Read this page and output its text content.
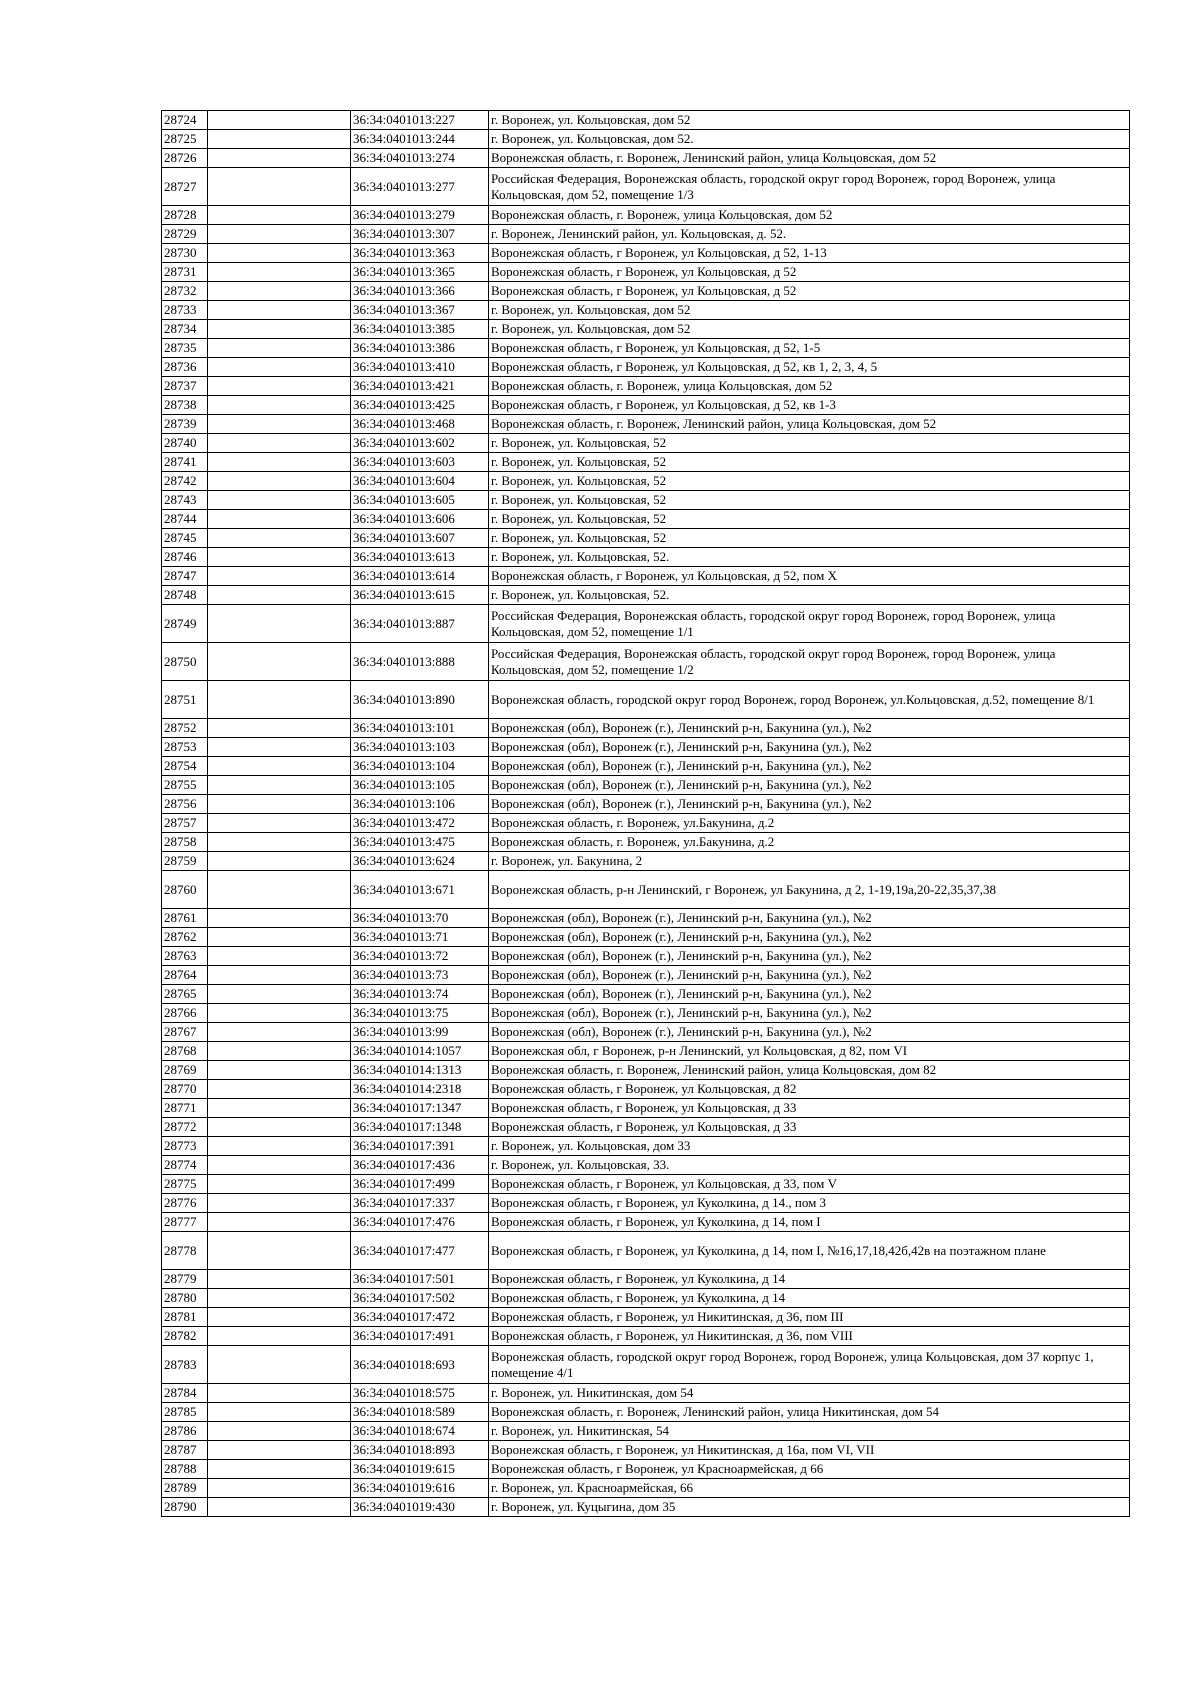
28724		36:34:0401013:227	г. Воронеж, ул. Кольцовская, дом 52
28725		36:34:0401013:244	г. Воронеж, ул. Кольцовская, дом 52.
28726		36:34:0401013:274	Воронежская область, г. Воронеж, Ленинский район, улица Кольцовская, дом 52
28727		36:34:0401013:277	Российская Федерация, Воронежская область, городской округ город Воронеж, город Воронеж, улица Кольцовская, дом 52, помещение 1/3
28728		36:34:0401013:279	Воронежская область, г. Воронеж, улица Кольцовская, дом 52
28729		36:34:0401013:307	г. Воронеж, Ленинский район, ул. Кольцовская, д. 52.
28730		36:34:0401013:363	Воронежская область, г Воронеж, ул Кольцовская, д 52, 1-13
28731		36:34:0401013:365	Воронежская область, г Воронеж, ул Кольцовская, д 52
28732		36:34:0401013:366	Воронежская область, г Воронеж, ул Кольцовская, д 52
28733		36:34:0401013:367	г. Воронеж, ул. Кольцовская, дом 52
28734		36:34:0401013:385	г. Воронеж, ул. Кольцовская, дом 52
28735		36:34:0401013:386	Воронежская область, г Воронеж, ул Кольцовская, д 52, 1-5
28736		36:34:0401013:410	Воронежская область, г Воронеж, ул Кольцовская, д 52, кв 1, 2, 3, 4, 5
28737		36:34:0401013:421	Воронежская область, г. Воронеж, улица Кольцовская, дом 52
28738		36:34:0401013:425	Воронежская область, г Воронеж, ул Кольцовская, д 52, кв 1-3
28739		36:34:0401013:468	Воронежская область, г. Воронеж, Ленинский район, улица Кольцовская, дом 52
28740		36:34:0401013:602	г. Воронеж, ул. Кольцовская, 52
28741		36:34:0401013:603	г. Воронеж, ул. Кольцовская, 52
28742		36:34:0401013:604	г. Воронеж, ул. Кольцовская, 52
28743		36:34:0401013:605	г. Воронеж, ул. Кольцовская, 52
28744		36:34:0401013:606	г. Воронеж, ул. Кольцовская, 52
28745		36:34:0401013:607	г. Воронеж, ул. Кольцовская, 52
28746		36:34:0401013:613	г. Воронеж, ул. Кольцовская, 52.
28747		36:34:0401013:614	Воронежская область, г Воронеж, ул Кольцовская, д 52, пом X
28748		36:34:0401013:615	г. Воронеж, ул. Кольцовская, 52.
28749		36:34:0401013:887	Российская Федерация, Воронежская область, городской округ город Воронеж, город Воронеж, улица Кольцовская, дом 52, помещение 1/1
28750		36:34:0401013:888	Российская Федерация, Воронежская область, городской округ город Воронеж, город Воронеж, улица Кольцовская, дом 52, помещение 1/2
28751		36:34:0401013:890	Воронежская область, городской округ город Воронеж, город Воронеж, ул.Кольцовская, д.52, помещение 8/1
28752		36:34:0401013:101	Воронежская (обл), Воронеж (г.), Ленинский р-н, Бакунина (ул.), №2
28753		36:34:0401013:103	Воронежская (обл), Воронеж (г.), Ленинский р-н, Бакунина (ул.), №2
28754		36:34:0401013:104	Воронежская (обл), Воронеж (г.), Ленинский р-н, Бакунина (ул.), №2
28755		36:34:0401013:105	Воронежская (обл), Воронеж (г.), Ленинский р-н, Бакунина (ул.), №2
28756		36:34:0401013:106	Воронежская (обл), Воронеж (г.), Ленинский р-н, Бакунина (ул.), №2
28757		36:34:0401013:472	Воронежская область, г. Воронеж, ул.Бакунина, д.2
28758		36:34:0401013:475	Воронежская область, г. Воронеж, ул.Бакунина, д.2
28759		36:34:0401013:624	г. Воронеж, ул. Бакунина, 2
28760		36:34:0401013:671	Воронежская область, р-н Ленинский, г Воронеж, ул Бакунина, д 2, 1-19,19а,20-22,35,37,38
28761		36:34:0401013:70	Воронежская (обл), Воронеж (г.), Ленинский р-н, Бакунина (ул.), №2
28762		36:34:0401013:71	Воронежская (обл), Воронеж (г.), Ленинский р-н, Бакунина (ул.), №2
28763		36:34:0401013:72	Воронежская (обл), Воронеж (г.), Ленинский р-н, Бакунина (ул.), №2
28764		36:34:0401013:73	Воронежская (обл), Воронеж (г.), Ленинский р-н, Бакунина (ул.), №2
28765		36:34:0401013:74	Воронежская (обл), Воронеж (г.), Ленинский р-н, Бакунина (ул.), №2
28766		36:34:0401013:75	Воронежская (обл), Воронеж (г.), Ленинский р-н, Бакунина (ул.), №2
28767		36:34:0401013:99	Воронежская (обл), Воронеж (г.), Ленинский р-н, Бакунина (ул.), №2
28768		36:34:0401014:1057	Воронежская обл, г Воронеж, р-н Ленинский, ул Кольцовская, д 82, пом VI
28769		36:34:0401014:1313	Воронежская область, г. Воронеж, Ленинский район, улица Кольцовская, дом 82
28770		36:34:0401014:2318	Воронежская область, г Воронеж, ул Кольцовская, д 82
28771		36:34:0401017:1347	Воронежская область, г Воронеж, ул Кольцовская, д 33
28772		36:34:0401017:1348	Воронежская область, г Воронеж, ул Кольцовская, д 33
28773		36:34:0401017:391	г. Воронеж, ул. Кольцовская, дом 33
28774		36:34:0401017:436	г. Воронеж, ул. Кольцовская, 33.
28775		36:34:0401017:499	Воронежская область, г Воронеж, ул Кольцовская, д 33, пом V
28776		36:34:0401017:337	Воронежская область, г Воронеж, ул Куколкина, д 14., пом 3
28777		36:34:0401017:476	Воронежская область, г Воронеж, ул Куколкина, д 14, пом I
28778		36:34:0401017:477	Воронежская область, г Воронеж, ул Куколкина, д 14, пом I, №16,17,18,42б,42в на поэтажном плане
28779		36:34:0401017:501	Воронежская область, г Воронеж, ул Куколкина, д 14
28780		36:34:0401017:502	Воронежская область, г Воронеж, ул Куколкина, д 14
28781		36:34:0401017:472	Воронежская область, г Воронеж, ул Никитинская, д 36, пом III
28782		36:34:0401017:491	Воронежская область, г Воронеж, ул Никитинская, д 36, пом VIII
28783		36:34:0401018:693	Воронежская область, городской округ город Воронеж, город Воронеж, улица Кольцовская, дом 37 корпус 1, помещение 4/1
28784		36:34:0401018:575	г. Воронеж, ул. Никитинская, дом 54
28785		36:34:0401018:589	Воронежская область, г. Воронеж, Ленинский район, улица Никитинская, дом 54
28786		36:34:0401018:674	г. Воронеж, ул. Никитинская, 54
28787		36:34:0401018:893	Воронежская область, г Воронеж, ул Никитинская, д 16а, пом VI, VII
28788		36:34:0401019:615	Воронежская область, г Воронеж, ул Красноармейская, д 66
28789		36:34:0401019:616	г. Воронеж, ул. Красноармейская, 66
28790		36:34:0401019:430	г. Воронеж, ул. Куцыгина, дом 35
